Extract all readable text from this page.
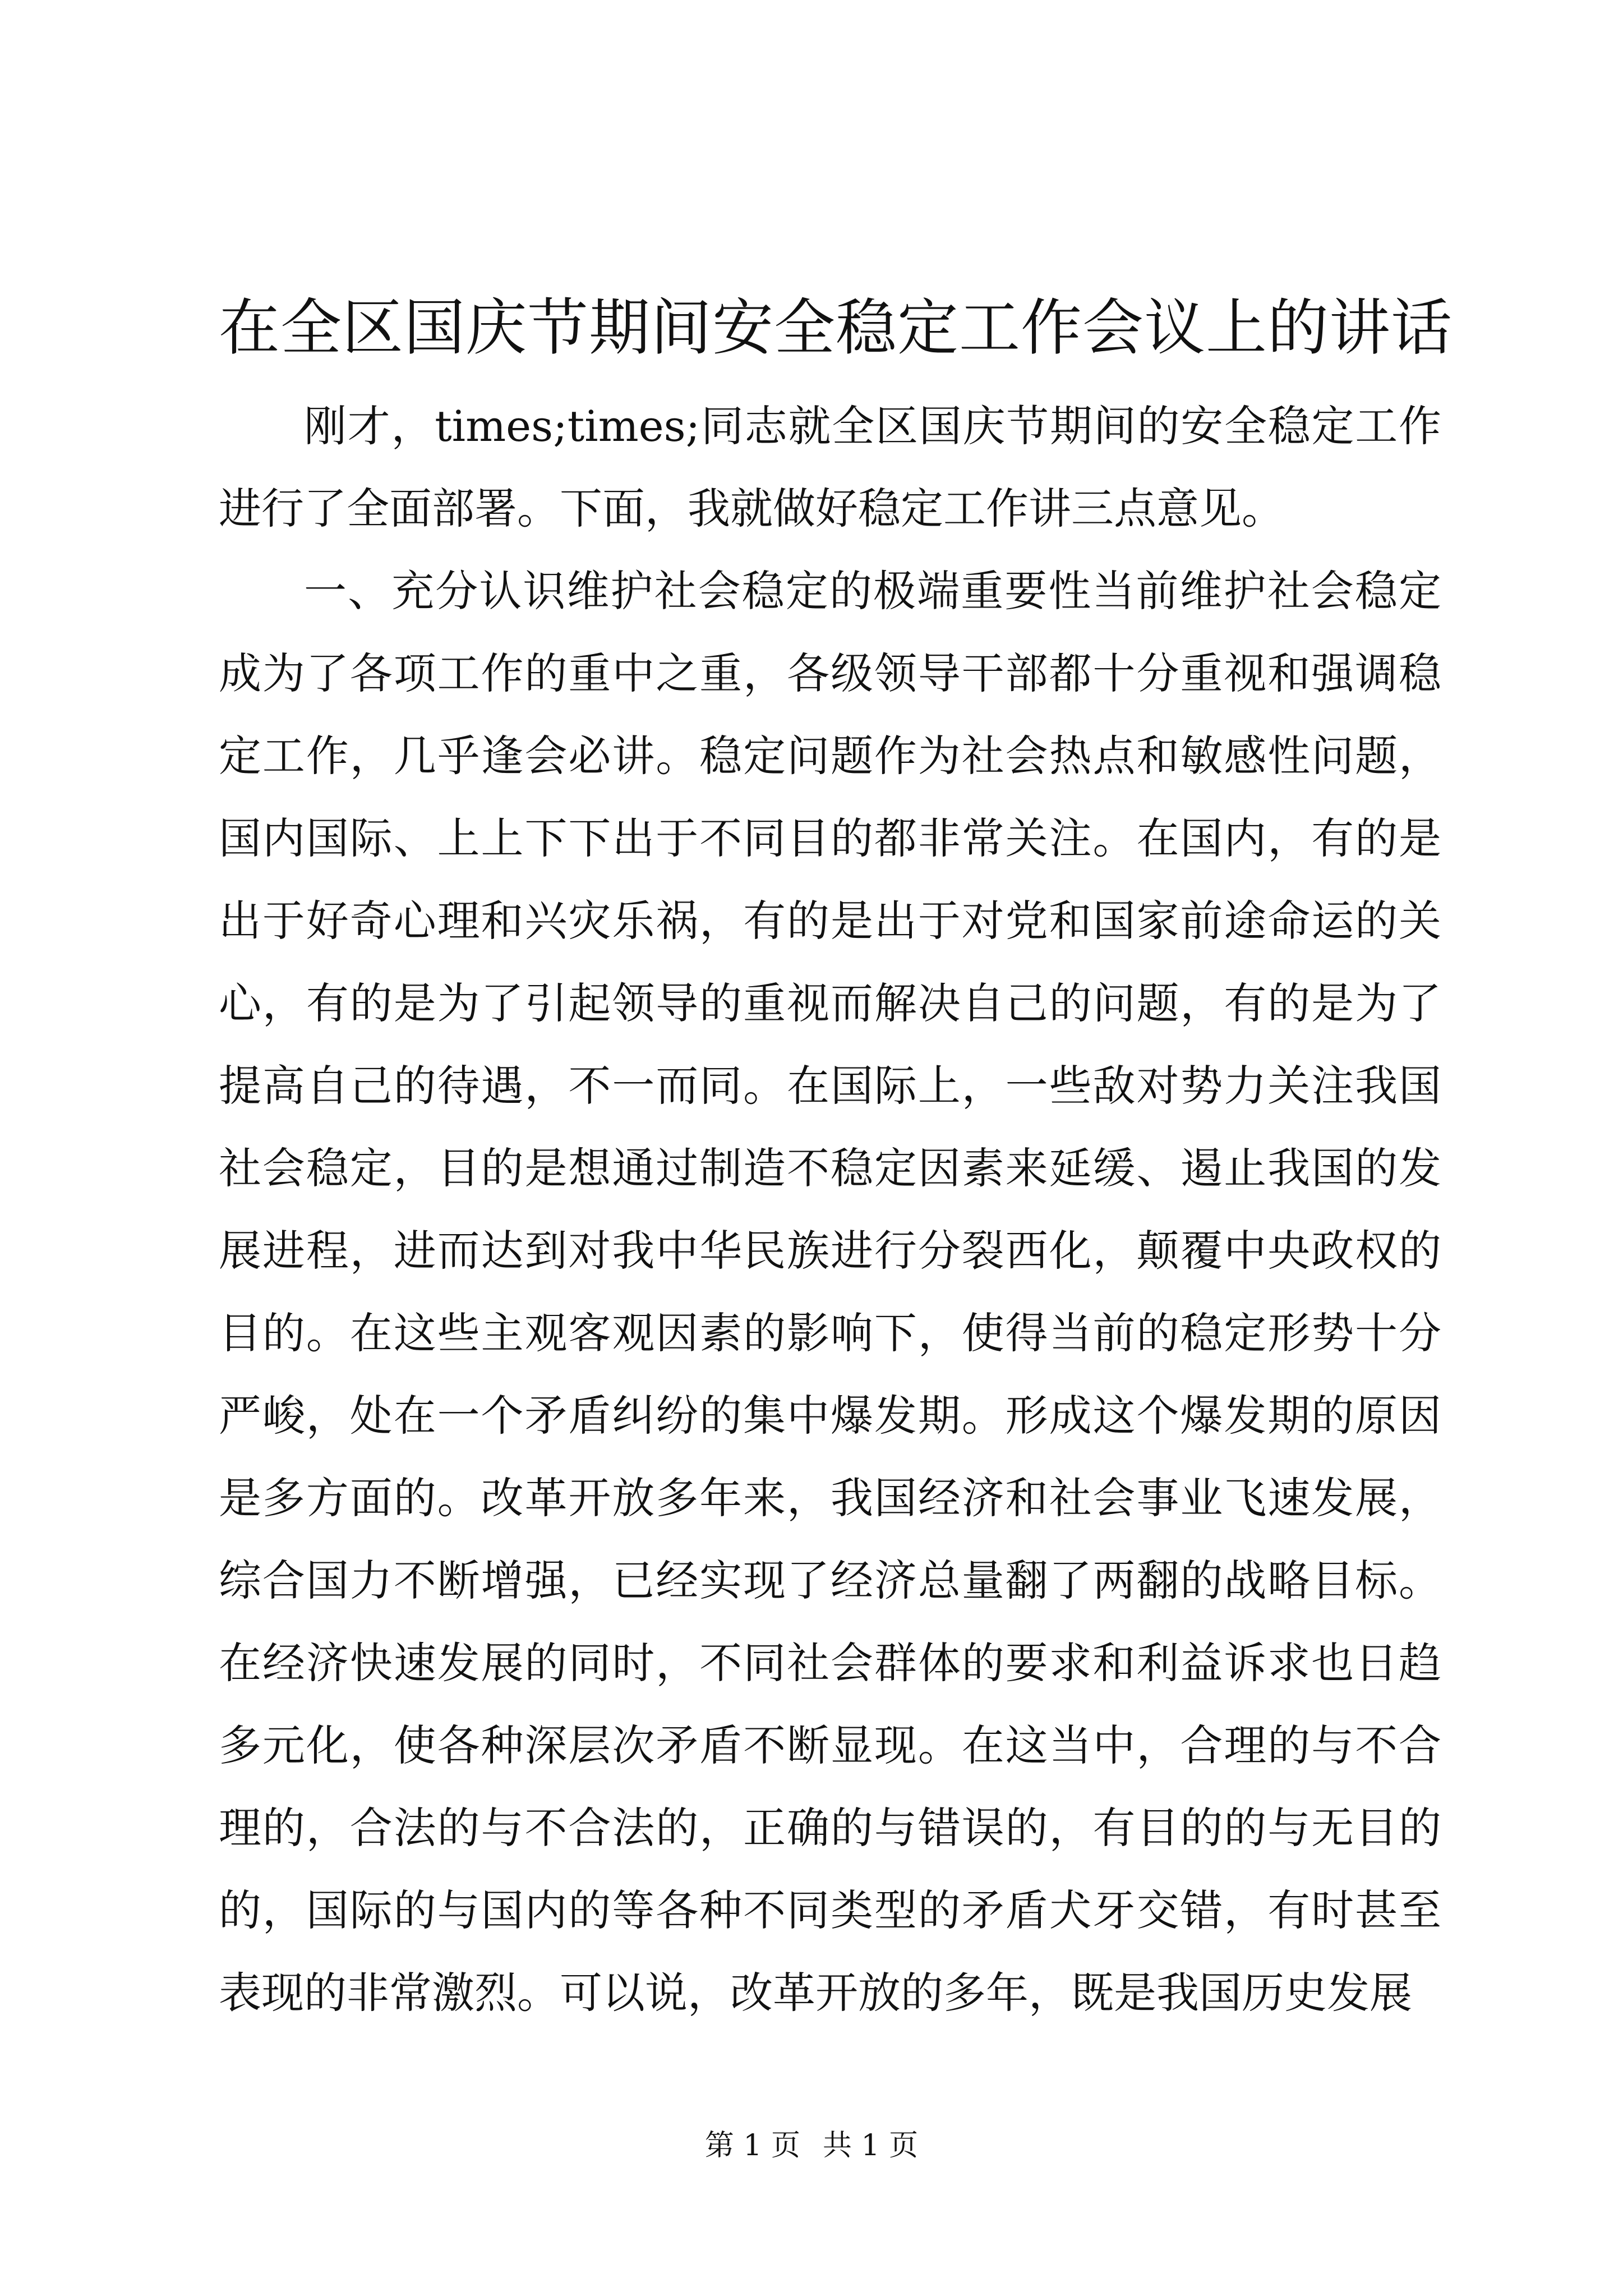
在全区国庆节期间安全稳定工作会议上的讲话

刚才，times;times;同志就全区国庆节期间的安全稳定工作进行了全面部署。下面，我就做好稳定工作讲三点意见。

一、充分认识维护社会稳定的极端重要性当前维护社会稳定成为了各项工作的重中之重，各级领导干部都十分重视和强调稳定工作，几乎逢会必讲。稳定问题作为社会热点和敏感性问题，国内国际、上上下下出于不同目的都非常关注。在国内，有的是出于好奇心理和兴灾乐祸，有的是出于对党和国家前途命运的关心，有的是为了引起领导的重视而解决自己的问题，有的是为了提高自己的待遇，不一而同。在国际上，一些敌对势力关注我国社会稳定，目的是想通过制造不稳定因素来延缓、遏止我国的发展进程，进而达到对我中华民族进行分裂西化，颠覆中央政权的目的。在这些主观客观因素的影响下，使得当前的稳定形势十分严峻，处在一个矛盾纠纷的集中爆发期。形成这个爆发期的原因是多方面的。改革开放多年来，我国经济和社会事业飞速发展，综合国力不断增强，已经实现了经济总量翻了两翻的战略目标。在经济快速发展的同时，不同社会群体的要求和利益诉求也日趋多元化，使各种深层次矛盾不断显现。在这当中，合理的与不合理的，合法的与不合法的，正确的与错误的，有目的的与无目的的，国际的与国内的等各种不同类型的矛盾犬牙交错，有时甚至表现的非常激烈。可以说，改革开放的多年，既是我国历史发展

第 1 页 共 1 页
